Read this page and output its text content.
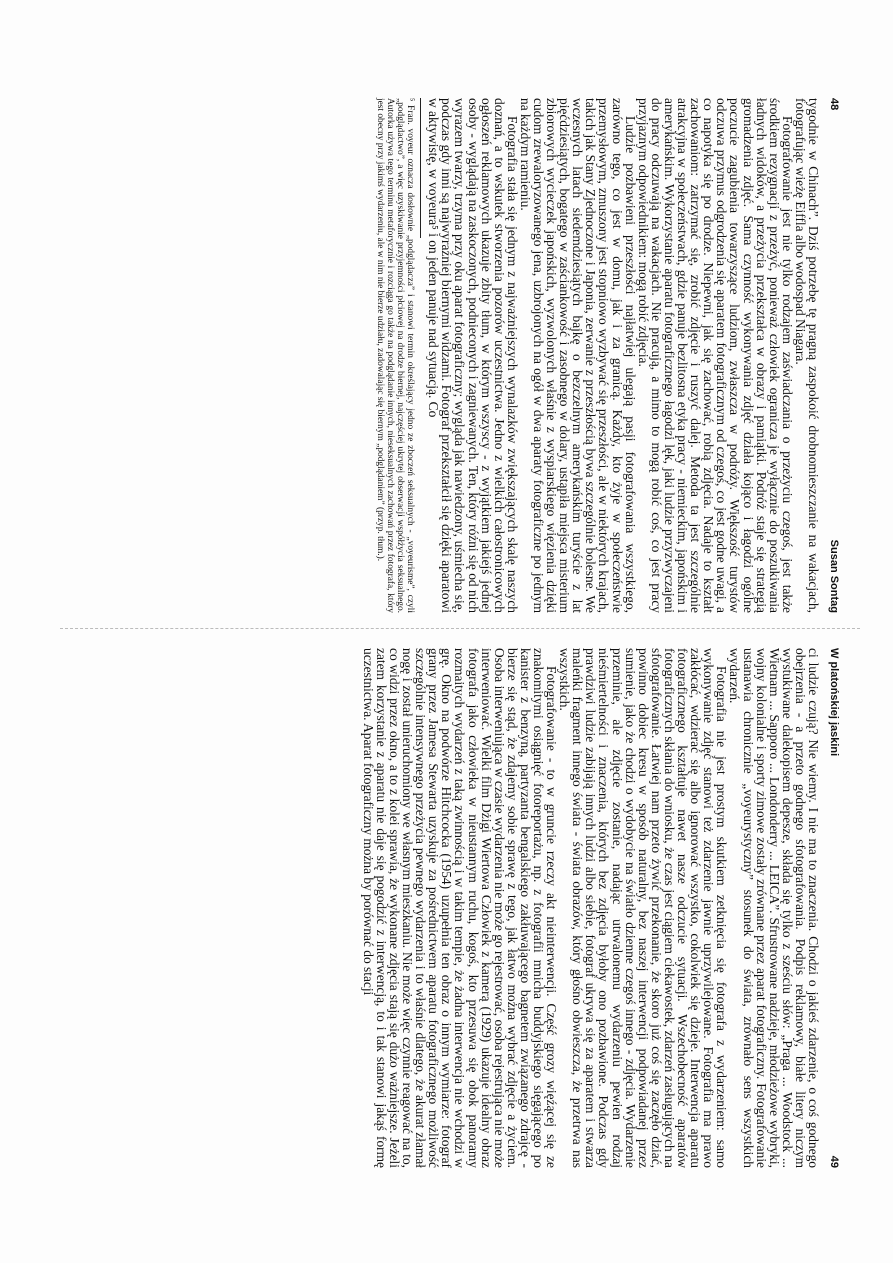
48
Susan Sontag

tygodnie w Chinach”. Dziś potrzebę tę pragną zaspokoić drobnomieszczanie na wakacjach, fotografując wieżę Eiffla albo wodospad Niagara.

Fotografowanie jest nie tylko rodzajem zaświadczania o przeżyciu czegoś, jest także środkiem rezygnacji z przeżyć, ponieważ człowiek ogranicza je wyłącznie do poszukiwania ładnych widoków, a przeżycia przekształca w obrazy i pamiątki. Podróż staje się strategią gromadzenia zdjęć. Sama czynność wykonywania zdjęć działa kojąco i łagodzi ogólne poczucie zagubienia towarzyszące ludziom, zwłaszcza w podróży. Większość turystów odczuwa przymus odgrodzenia się aparatem fotograficznym od czegoś, co jest godne uwagi, a co napotyka się po drodze. Niepewni, jak się zachować, robią zdjęcia. Nadaje to kształt zachowaniom: zatrzymać się, zrobić zdjęcie i ruszyć dalej. Metoda ta jest szczególnie atrakcyjna w społeczeństwach, gdzie panuje bezlitosna etyka pracy - niemieckim, japońskim i amerykańskim. Wykorzystanie aparatu fotograficznego łagodzi lęk, jaki ludzie przyzwyczajeni do pracy odczuwają na wakacjach. Nie pracują, a mimo to mogą robić coś, co jest pracy przyjaznym odpowiednikiem: mogą robić zdjęcia.

Ludzie pozbawieni przeszłości najłatwiej ulegają pasji fotografowania wszystkiego, zarówno tego, co jest w domu, jak i za granicą. Każdy, kto żyje w społeczeństwie przemysłowym, zmuszony jest stopniowo wyzbywać się przeszłości, ale w niektórych krajach, takich jak Stany Zjednoczone i Japonia, zerwanie z przeszłością bywa szczególnie bolesne. We wczesnych latach siedemdziesiątych bajkę o bezczelnym amerykańskim turyście z lat pięćdziesiątych, bogatego w zaściankowość i zasobnego w dolary, ustąpiła miejsca misterium zbiorowych wycieczek japońskich, wyzwolonych właśnie z wyspiarskiego więzienia dzięki cudom zrewaloryzowanego jena, uzbrojonych na ogół w dwa aparaty fotograficzne po jednym na każdym ramieniu.

Fotografia stała się jednym z najważniejszych wynalazków zwiększających skalę naszych doznań, a to wskutek stworzenia pozorów uczestnictwa. Jedno z wielkich całostronicowych ogłoszeń reklamowych ukazuje zbity tłum, w którym wszyscy - z wyjątkiem jakiejś jednej osoby - wyglądają na zaskoczonych, podnieconych i zagniewanych. Ten, który różni się od nich wyrazem twarzy, trzyma przy oku aparat fotograficzny; wygląda jak nawiedzony, uśmiecha się, podczas gdy inni są najwyraźniej biernymi widzami. Fotograf przekształcił się dzięki aparatowi w aktywistę, w voyeura⁵ i on jeden panuje nad sytuacją. Co

⁵ Fran. voyeur oznacza dosłownie „podglądacza” i stanowi termin określający jedno ze zboczeń seksualnych - „voyeurisme”, czyli „podglądactwo”, a więc uzyskiwanie przyjemności płciowej na drodze biernej, najczęściej ukrytej obserwacji współżycia seksualnego. Autorka używa tego terminu metaforycznie i rozciąga go także na podglądanie innych, nieseksualnych zachowań przez fotografa, który jest obecny przy jakimś wydarzeniu, ale w nim nie bierze udziału, zadowalając się biernym „podglądaniem” (przyp. tłum.).

W platońskiej jaskini
49

ci ludzie czują? Nie wiemy. I nie ma to znaczenia. Chodzi o jakieś zdarzenie, o coś godnego obejrzenia - a przeto godnego sfotografowania. Podpis reklamowy, białe litery niczym wystukiwane dalekopisem depesze, składa się tylko z sześciu słów: „Praga ... Woodstock ... Wietnam ... Sapporo ... Londonderry ... LEICA”. Sfrustrowane nadzieje, młodzieżowe wybryki, wojny kolonialne i sporty zimowe zostały zrównane przez aparat fotograficzny. Fotografowanie ustanawia chronicznie „voyeurystyczny” stosunek do świata, zrównało sens wszystkich wydarzeń.

Fotografia nie jest prostym skutkiem zetknięcia się fotografa z wydarzeniem: samo wykonywanie zdjęć stanowi też zdarzenie jawnie uprzywilejowane. Fotografia ma prawo zakłócać, wdzierać się albo ignorować wszystko, cokolwiek się dzieje. Interwencja aparatu fotograficznego kształtuje nawet nasze odczucie sytuacji. Wszechobecność aparatów fotograficznych skłania do wniosku, że czas jest ciągiem ciekawostek, zdarzeń zasługujących na sfotografowanie. Łatwiej nam przeto żywić przekonanie, że skoro już coś się zaczęło dziać, powinno dobiec kresu w sposób naturalny, bez naszej interwencji podpowiadanej przez sumienie, jako że chodzi o wydobycie na światło dzienne czegoś innego - zdjęcia. Wydarzenie przeminie, ale zdjęcie zostanie, nadając utrwalonemu wydarzeniu pewien rodzaj nieśmiertelności i znaczenia, których bez zdjęcia byłoby ono pozbawione. Podczas gdy prawdziwi ludzie zabijają innych ludzi albo siebie, fotograf ukrywa się za aparatem i stwarza maleńki fragment innego świata - świata obrazów, który głośno obwieszcza, że przetrwa nas wszystkich.

Fotografowanie - to w gruncie rzeczy akt nieinterwencji. Część grozy więźącej się ze znakomitymi osiągnięć fotoreportażu, np. z fotografii mnicha buddyjskiego sięgającego po kanister z benzyną, partyzanta bengalskiego zakłuwającego bagnetem związanego zdrajcę - bierze się stąd, że zdajemy sobie sprawę z tego, jak łatwo można wybrać zdjęcie a życiem. Osoba interweniująca w czasie wydarzenia nie może go rejestrować, osoba rejestrująca nie może interweniować. Wielki film Dżigi Wiertowa Człowiek z kamerą (1929) ukazuje idealny obraz fotografa jako człowieka w nieustannym ruchu, kogoś, kto przesuwa się obok panoramy rozmaitych wydarzeń z taką zwinnością i w takim tempie, że żadna interwencja nie wchodzi w grę. Okno na podwórze Hitchcocka (1954) uzupełnia ten obraz o innym wymiarze: fotograf grany przez Jamesa Stewarta uzyskuje za pośrednictwem aparatu fotograficznego możliwość szczególnie intensywnego przeżycia pewnego wydarzenia i to właśnie dlatego, że akurat złamał nogę i został unieruchomiony we własnym mieszkaniu. Nie może więc czynnie reagować na to, co widzi przez okno, a to z kolei sprawia, że wykonane zdjęcia stają się dużo ważniejsze. Jeżeli zatem korzystanie z aparatu nie daje się pogodzić z interwencją, to i tak stanowi jakąś formę uczestnictwa. Aparat fotograficzny można by porównać do stacji
